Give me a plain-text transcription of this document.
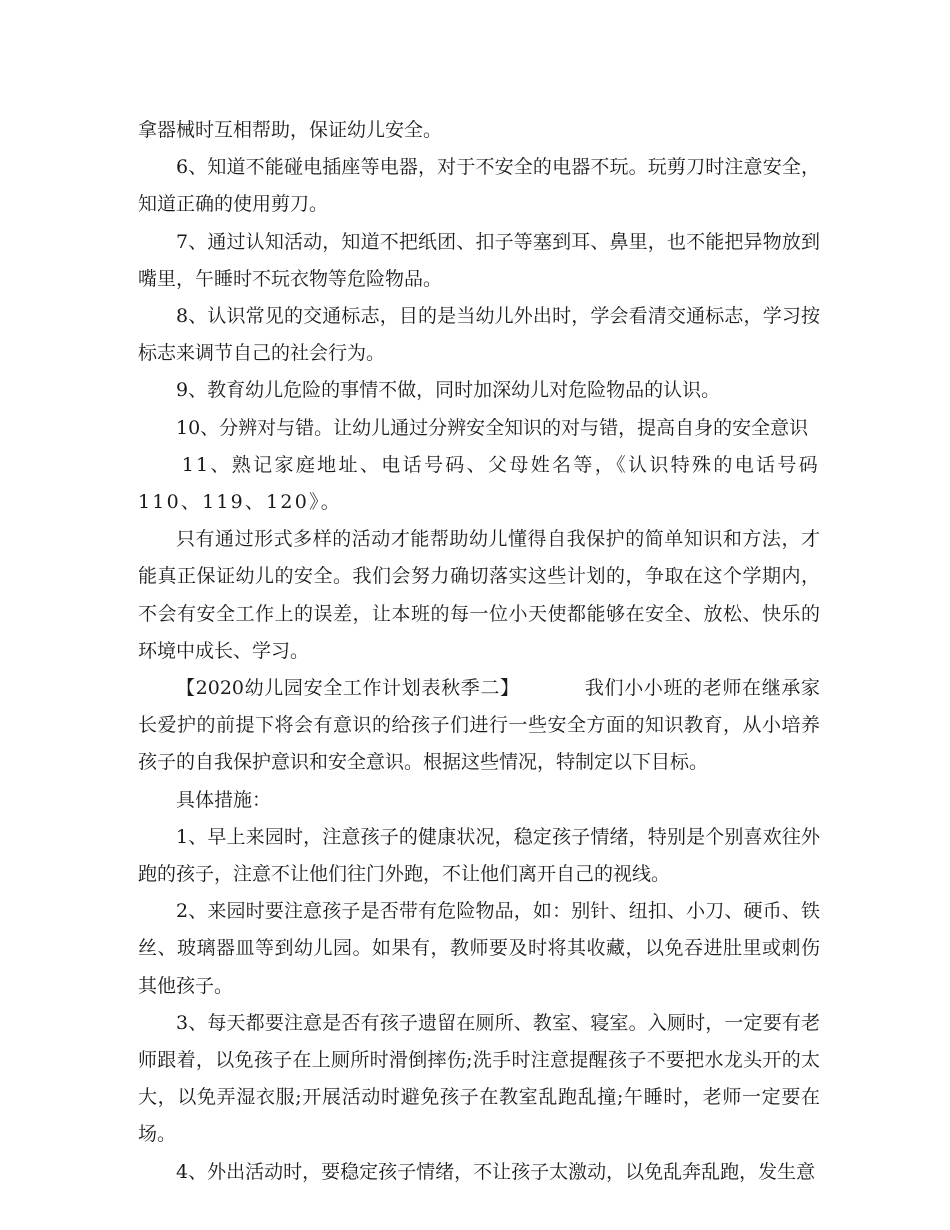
拿器械时互相帮助，保证幼儿安全。

6、知道不能碰电插座等电器，对于不安全的电器不玩。玩剪刀时注意安全，知道正确的使用剪刀。

7、通过认知活动，知道不把纸团、扣子等塞到耳、鼻里，也不能把异物放到嘴里，午睡时不玩衣物等危险物品。

8、认识常见的交通标志，目的是当幼儿外出时，学会看清交通标志，学习按标志来调节自己的社会行为。

9、教育幼儿危险的事情不做，同时加深幼儿对危险物品的认识。

10、分辨对与错。让幼儿通过分辨安全知识的对与错，提高自身的安全意识

11、熟记家庭地址、电话号码、父母姓名等，《认识特殊的电话号码110、119、120》。

只有通过形式多样的活动才能帮助幼儿懂得自我保护的简单知识和方法，才能真正保证幼儿的安全。我们会努力确切落实这些计划的，争取在这个学期内，不会有安全工作上的误差，让本班的每一位小天使都能够在安全、放松、快乐的环境中成长、学习。

【2020幼儿园安全工作计划表秋季二】	我们小小班的老师在继承家长爱护的前提下将会有意识的给孩子们进行一些安全方面的知识教育，从小培养孩子的自我保护意识和安全意识。根据这些情况，特制定以下目标。

具体措施：

1、早上来园时，注意孩子的健康状况，稳定孩子情绪，特别是个别喜欢往外跑的孩子，注意不让他们往门外跑，不让他们离开自己的视线。

2、来园时要注意孩子是否带有危险物品，如：别针、纽扣、小刀、硬币、铁丝、玻璃器皿等到幼儿园。如果有，教师要及时将其收藏，以免吞进肚里或刺伤其他孩子。

3、每天都要注意是否有孩子遗留在厕所、教室、寝室。入厕时，一定要有老师跟着，以免孩子在上厕所时滑倒摔伤;洗手时注意提醒孩子不要把水龙头开的太大，以免弄湿衣服;开展活动时避免孩子在教室乱跑乱撞;午睡时，老师一定要在场。

4、外出活动时，要稳定孩子情绪，不让孩子太激动，以免乱奔乱跑，发生意
